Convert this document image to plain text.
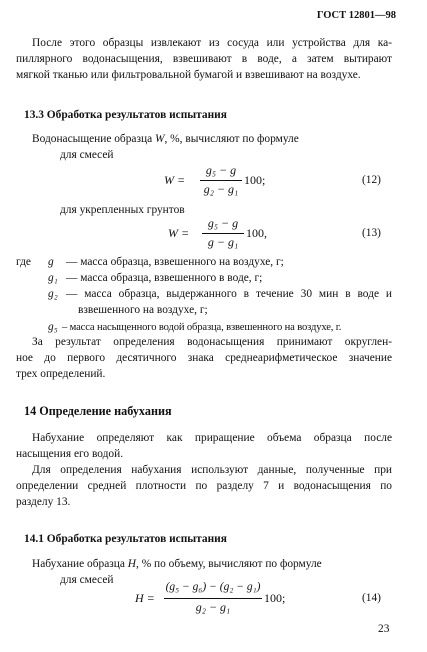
ГОСТ 12801—98
После этого образцы извлекают из сосуда или устройства для ка-
пиллярного водонасыщения, взвешивают в воде, а затем вытирают
мягкой тканью или фильтровальной бумагой и взвешивают на воздухе.
13.3 Обработка результатов испытания
Водонасыщение образца W, %, вычисляют по формуле
для смесей
W =
g₅ − g
g₂ − g₁
100;	(12)
для укрепленных грунтов
W =
g₅ − g
g − g₁
100,	(13)
где g — масса образца, взвешенного на воздухе, г;
g₁ — масса образца, взвешенного в воде, г;
g₂ — масса образца, выдержанного в течение 30 мин в воде и
взвешенного на воздухе, г;
g₅ – масса насыщенного водой образца, взвешенного на воздухе, г.
За результат определения водонасыщения принимают округлен-
ное до первого десятичного знака среднеарифметическое значение
трех определений.
14 Определение набухания
Набухание определяют как приращение объема образца после
насыщения его водой.
Для определения набухания используют данные, полученные при
определении средней плотности по разделу 7 и водонасыщения по
разделу 13.
14.1 Обработка результатов испытания
Набухание образца H, % по объему, вычисляют по формуле
для смесей
H =
(g₅ − g₆) − (g₂ − g₁)
g₂ − g₁
100;	(14)
23
